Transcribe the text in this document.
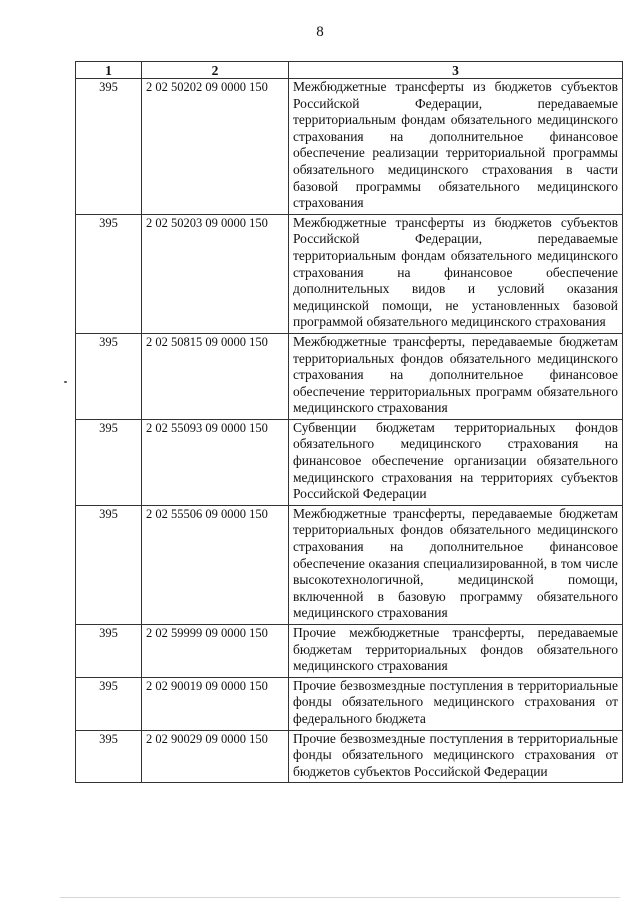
8
1	2	3
395	2 02 50202 09 0000 150	Межбюджетные трансферты из бюджетов субъектов Российской Федерации, передаваемые территориальным фондам обязательного медицинского страхования на дополнительное финансовое обеспечение реализации территориальной программы обязательного медицинского страхования в части базовой программы обязательного медицинского страхования
395	2 02 50203 09 0000 150	Межбюджетные трансферты из бюджетов субъектов Российской Федерации, передаваемые территориальным фондам обязательного медицинского страхования на финансовое обеспечение дополнительных видов и условий оказания медицинской помощи, не установленных базовой программой обязательного медицинского страхования
395	2 02 50815 09 0000 150	Межбюджетные трансферты, передаваемые бюджетам территориальных фондов обязательного медицинского страхования на дополнительное финансовое обеспечение территориальных программ обязательного медицинского страхования
395	2 02 55093 09 0000 150	Субвенции бюджетам территориальных фондов обязательного медицинского страхования на финансовое обеспечение организации обязательного медицинского страхования на территориях субъектов Российской Федерации
395	2 02 55506 09 0000 150	Межбюджетные трансферты, передаваемые бюджетам территориальных фондов обязательного медицинского страхования на дополнительное финансовое обеспечение оказания специализированной, в том числе высокотехнологичной, медицинской помощи, включенной в базовую программу обязательного медицинского страхования
395	2 02 59999 09 0000 150	Прочие межбюджетные трансферты, передаваемые бюджетам территориальных фондов обязательного медицинского страхования
395	2 02 90019 09 0000 150	Прочие безвозмездные поступления в территориальные фонды обязательного медицинского страхования от федерального бюджета
395	2 02 90029 09 0000 150	Прочие безвозмездные поступления в территориальные фонды обязательного медицинского страхования от бюджетов субъектов Российской Федерации
